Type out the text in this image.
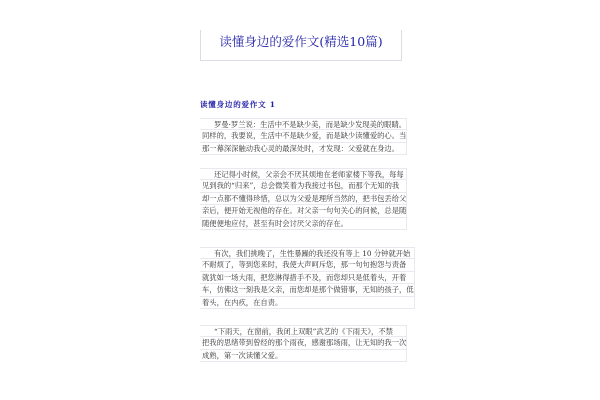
读懂身边的爱作文(精选10篇)
读懂身边的爱作文 1
罗曼·罗兰说：生活中不是缺少美，而是缺少发现美的眼睛。
同样的，我要说，生活中不是缺少爱，而是缺少读懂爱的心。当
那一幕深深触动我心灵的最深处时，才发现：父爱就在身边。
还记得小时候，父亲会不厌其烦地在老师家楼下等我，每每
见到我的“归来”，总会微笑着为我接过书包，而那个无知的我
却一点都不懂得珍惜，总以为父爱是理所当然的，把书包丢给父
亲后，便开始无视他的存在。对父亲一句句关心的问候，总是随
随便便地应付，甚至有时会讨厌父亲的存在。
有次，我们挑晚了，生性暴躁的我还没有等上 10 分钟就开始
不耐烦了，等到您来时，我使大声呵斥您，那一句句抱怨与责备
就犹如一场大雨，把您淋得措手不及，而您却只是低着头，开着
车，仿佛这一刻我是父亲，而您却是那个做错事，无知的孩子，低
着头，在内疚，在自责。
“下雨天，在窗前，我闭上双眼”武艺的《下雨天》，不禁
把我的思绪带到曾经的那个雨夜，感谢那场雨，让无知的我一次
成熟，第一次读懂父爱。
